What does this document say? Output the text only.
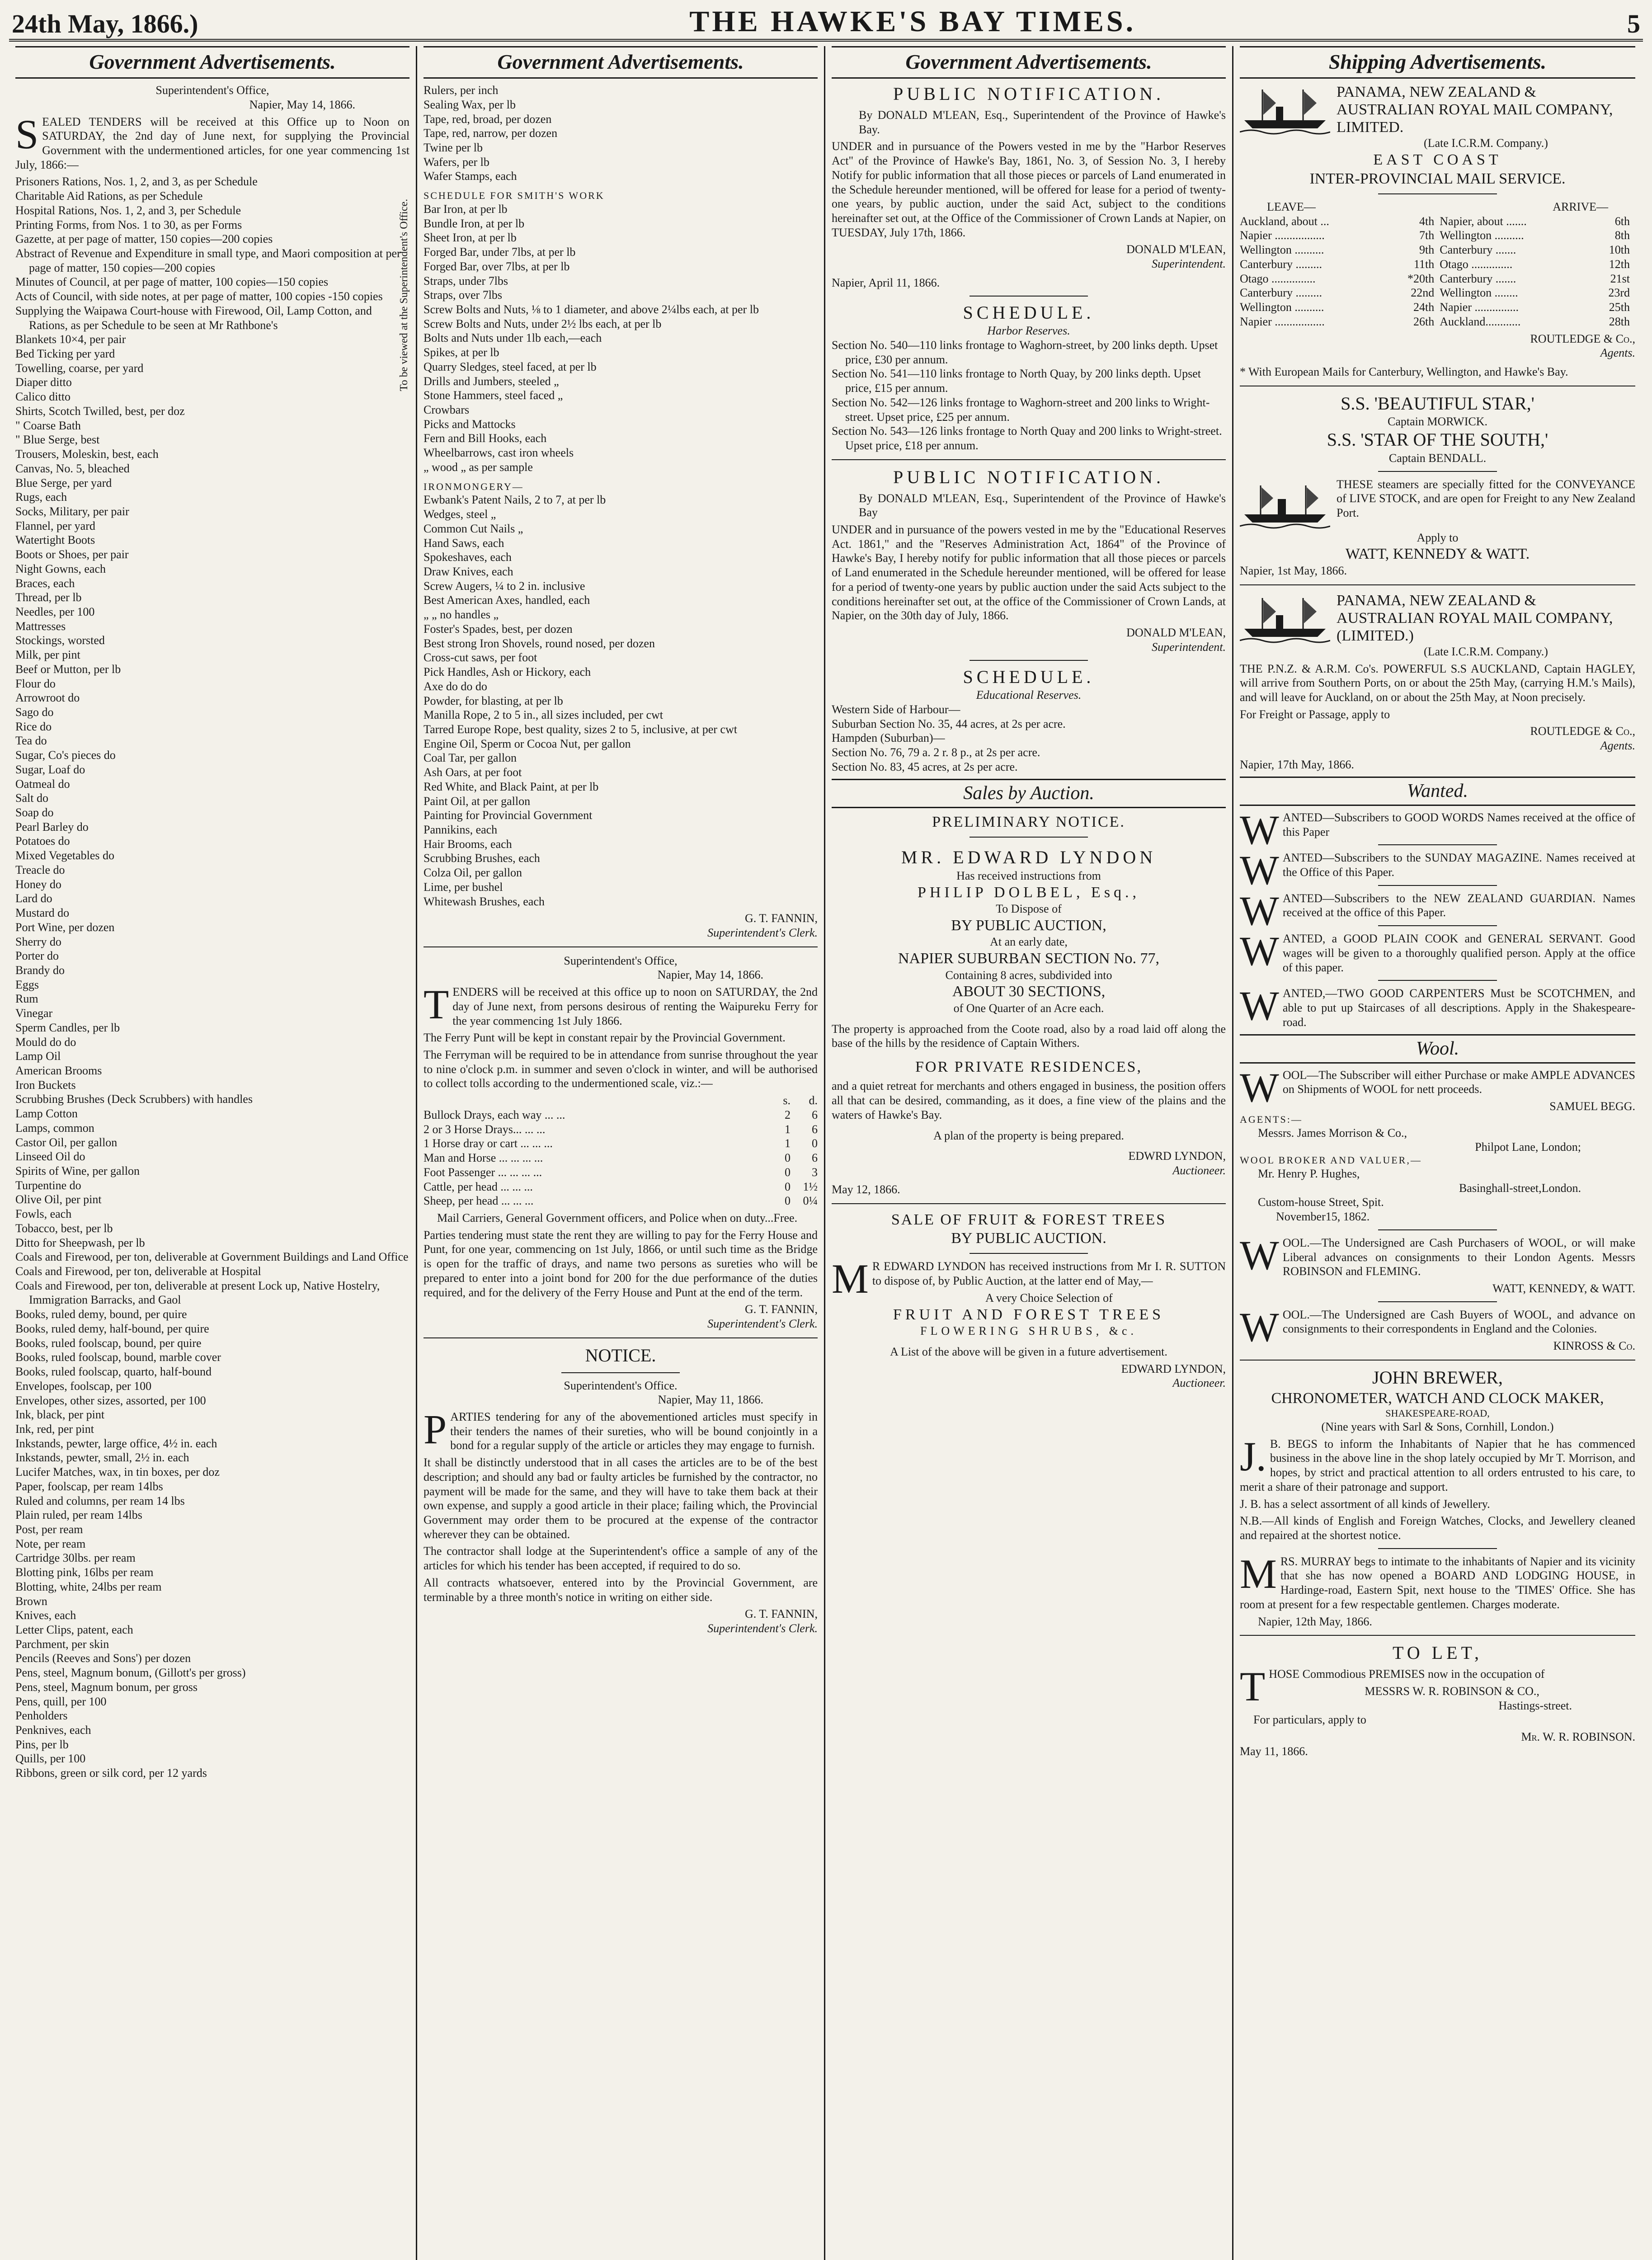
24th May, 1866.)	THE HAWKE'S BAY TIMES.	5
Government Advertisements.
Superintendent's Office,
Napier, May 14, 1866.

SEALED TENDERS will be received at this Office up to Noon on SATURDAY, the 2nd day of June next, for supplying the Provincial Government with the undermentioned articles, for one year commencing 1st July, 1866:—

Prisoners Rations, Nos. 1, 2, and 3, as per Schedule
Charitable Aid Rations, as per Schedule
Hospital Rations, Nos. 1, 2, and 3, per Schedule
Printing Forms, from Nos. 1 to 30, as per Forms
Gazette, at per page of matter, 150 copies—200 copies
Abstract of Revenue and Expenditure in small type, and Maori composition at per page of matter, 150 copies—200 copies
Minutes of Council, at per page of matter, 100 copies—150 copies
Acts of Council, with side notes, at per page of matter, 100 copies -150 copies
Supplying the Waipawa Court-house with Firewood, Oil, Lamp Cotton, and Rations, as per Schedule to be seen at Mr Rathbone's
Blankets 10×4, per pair
Bed Ticking per yard
Towelling, coarse, per yard
Diaper ditto
Calico ditto
Shirts, Scotch Twilled, best, per doz
" Coarse Bath
" Blue Serge, best
Trousers, Moleskin, best, each
Canvas, No. 5, bleached
Blue Serge, per yard
Rugs, each
Socks, Military, per pair
Flannel, per yard
Watertight Boots
Boots or Shoes, per pair
Night Gowns, each
Braces, each
Thread, per lb
Needles, per 100
Mattresses
Stockings, worsted
Milk, per pint
Beef or Mutton, per lb
Flour do
Arrowroot do
Sago do
Rice do
Tea do
Sugar, Co's pieces do
Sugar, Loaf do
Oatmeal do
Salt do
Soap do
Pearl Barley do
Potatoes do
Mixed Vegetables do
Treacle do
Honey do
Lard do
Mustard do
Port Wine, per dozen
Sherry do
Porter do
Brandy do
Eggs
Rum
Vinegar
Sperm Candles, per lb
Mould do do
Lamp Oil
American Brooms
Iron Buckets
Scrubbing Brushes (Deck Scrubbers) with handles
Lamp Cotton
Lamps, common
Castor Oil, per gallon
Linseed Oil do
Spirits of Wine, per gallon
Turpentine do
Olive Oil, per pint
Fowls, each
Tobacco, best, per lb
Ditto for Sheepwash, per lb
Coals and Firewood, per ton, deliverable at Government Buildings and Land Office
Coals and Firewood, per ton, deliverable at Hospital
Coals and Firewood, per ton, deliverable at present Lock up, Native Hostelry, Immigration Barracks, and Gaol
Books, ruled demy, bound, per quire
Books, ruled demy, half-bound, per quire
Books, ruled foolscap, bound, per quire
Books, ruled foolscap, bound, marble cover
Books, ruled foolscap, quarto, half-bound
Envelopes, foolscap, per 100
Envelopes, other sizes, assorted, per 100
Ink, black, per pint
Ink, red, per pint
Inkstands, pewter, large office, 4½ in. each
Inkstands, pewter, small, 2½ in. each
Lucifer Matches, wax, in tin boxes, per doz
Paper, foolscap, per ream 14lbs
Ruled and columns, per ream 14 lbs
Plain ruled, per ream 14lbs
Post, per ream
Note, per ream
Cartridge 30lbs. per ream
Blotting pink, 16lbs per ream
Blotting, white, 24lbs per ream
Brown
Knives, each
Letter Clips, patent, each
Parchment, per skin
Pencils (Reeves and Sons') per dozen
Pens, steel, Magnum bonum, (Gillott's per gross)
Pens, steel, Magnum bonum, per gross
Pens, quill, per 100
Penholders
Penknives, each
Pins, per lb
Quills, per 100
Ribbons, green or silk cord, per 12 yards
To be viewed at the Superintendent's Office.
Government Advertisements.
Rulers, per inch
Sealing Wax, per lb
Tape, red, broad, per dozen
Tape, red, narrow, per dozen
Twine per lb
Wafers, per lb
Wafer Stamps, each
SCHEDULE FOR SMITH'S WORK
Bar Iron, at per lb
Bundle Iron, at per lb
Sheet Iron, at per lb
Forged Bar, under 7lbs, at per lb
Forged Bar, over 7lbs, at per lb
Straps, under 7lbs
Straps, over 7lbs
Screw Bolts and Nuts, ⅛ to 1 diameter, and above 2¼lbs each, at per lb
Screw Bolts and Nuts, under 2½ lbs each, at per lb
Bolts and Nuts under 1lb each,—each
Spikes, at per lb
Quarry Sledges, steel faced, at per lb
Drills and Jumbers, steeled „
Stone Hammers, steel faced „
Crowbars
Picks and Mattocks
Fern and Bill Hooks, each
Wheelbarrows, cast iron wheels
„ wood „ as per sample
IRONMONGERY—
Ewbank's Patent Nails, 2 to 7, at per lb
Wedges, steel „
Common Cut Nails „
Hand Saws, each
Spokeshaves, each
Draw Knives, each
Screw Augers, ¼ to 2 in. inclusive
Best American Axes, handled, each
„ „ no handles „
Foster's Spades, best, per dozen
Best strong Iron Shovels, round nosed, per dozen
Cross-cut saws, per foot
Pick Handles, Ash or Hickory, each
Axe do do do
Powder, for blasting, at per lb
Manilla Rope, 2 to 5 in., all sizes included, per cwt
Tarred Europe Rope, best quality, sizes 2 to 5, inclusive, at per cwt
Engine Oil, Sperm or Cocoa Nut, per gallon
Coal Tar, per gallon
Ash Oars, at per foot
Red White, and Black Paint, at per lb
Paint Oil, at per gallon
Painting for Provincial Government
Pannikins, each
Hair Brooms, each
Scrubbing Brushes, each
Colza Oil, per gallon
Lime, per bushel
Whitewash Brushes, each
G. T. FANNIN,
Superintendent's Clerk.
Superintendent's Office,
Napier, May 14, 1866.

TENDERS will be received at this office up to noon on SATURDAY, the 2nd day of June next, from persons desirous of renting the Waipureku Ferry for the year commencing 1st July 1866.

The Ferry Punt will be kept in constant repair by the Provincial Government.

The Ferryman will be required to be in attendance from sunrise throughout the year to nine o'clock p.m. in summer and seven o'clock in winter, and will be authorised to collect tolls according to the undermentioned scale, viz.:—

	s.	d.
Bullock Drays, each way ... ...	2	6
2 or 3 Horse Drays... ... ...	1	6
1 Horse dray or cart ... ... ...	1	0
Man and Horse ... ... ... ...	0	6
Foot Passenger ... ... ... ...	0	3
Cattle, per head ... ... ...	0	1½
Sheep, per head ... ... ...	0	0¼

Mail Carriers, General Government officers, and Police when on duty...Free.

Parties tendering must state the rent they are willing to pay for the Ferry House and Punt, for one year, commencing on 1st July, 1866, or until such time as the Bridge is open for the traffic of drays, and name two persons as sureties who will be prepared to enter into a joint bond for 200 for the due performance of the duties required, and for the delivery of the Ferry House and Punt at the end of the term.

G. T. FANNIN,
Superintendent's Clerk.
NOTICE.
Superintendent's Office.
Napier, May 11, 1866.

PARTIES tendering for any of the abovementioned articles must specify in their tenders the names of their sureties, who will be bound conjointly in a bond for a regular supply of the article or articles they may engage to furnish.

It shall be distinctly understood that in all cases the articles are to be of the best description; and should any bad or faulty articles be furnished by the contractor, no payment will be made for the same, and they will have to take them back at their own expense, and supply a good article in their place; failing which, the Provincial Government may order them to be procured at the expense of the contractor wherever they can be obtained.

The contractor shall lodge at the Superintendent's office a sample of any of the articles for which his tender has been accepted, if required to do so.

All contracts whatsoever, entered into by the Provincial Government, are terminable by a three month's notice in writing on either side.

G. T. FANNIN,
Superintendent's Clerk.
Government Advertisements.
PUBLIC NOTIFICATION.

By DONALD M'LEAN, Esq., Superintendent of the Province of Hawke's Bay.

UNDER and in pursuance of the Powers vested in me by the "Harbor Reserves Act" of the Province of Hawke's Bay, 1861, No. 3, of Session No. 3, I hereby Notify for public information that all those pieces or parcels of Land enumerated in the Schedule hereunder mentioned, will be offered for lease for a period of twenty-one years, by public auction, under the said Act, subject to the conditions hereinafter set out, at the Office of the Commissioner of Crown Lands at Napier, on TUESDAY, July 17th, 1866.

DONALD M'LEAN,
Superintendent.
Napier, April 11, 1866.
SCHEDULE.
Harbor Reserves.
Section No. 540—110 links frontage to Waghorn-street, by 200 links depth. Upset price, £30 per annum.
Section No. 541—110 links frontage to North Quay, by 200 links depth. Upset price, £15 per annum.
Section No. 542—126 links frontage to Waghorn-street and 200 links to Wright-street. Upset price, £25 per annum.
Section No. 543—126 links frontage to North Quay and 200 links to Wright-street. Upset price, £18 per annum.
PUBLIC NOTIFICATION.

By DONALD M'LEAN, Esq., Superintendent of the Province of Hawke's Bay

UNDER and in pursuance of the powers vested in me by the "Educational Reserves Act. 1861," and the "Reserves Administration Act, 1864" of the Province of Hawke's Bay, I hereby notify for public information that all those pieces or parcels of Land enumerated in the Schedule hereunder mentioned, will be offered for lease for a period of twenty-one years by public auction under the said Acts subject to the conditions hereinafter set out, at the office of the Commissioner of Crown Lands, at Napier, on the 30th day of July, 1866.

DONALD M'LEAN,
Superintendent.
SCHEDULE.
Educational Reserves.
Western Side of Harbour—
Suburban Section No. 35, 44 acres, at 2s per acre.
Hampden (Suburban)—
Section No. 76, 79 a. 2 r. 8 p., at 2s per acre.
Section No. 83, 45 acres, at 2s per acre.
Sales by Auction.
PRELIMINARY NOTICE.
MR. EDWARD LYNDON
Has received instructions from
PHILIP DOLBEL, Esq.,
To Dispose of
BY PUBLIC AUCTION,
At an early date,
NAPIER SUBURBAN SECTION No. 77,
Containing 8 acres, subdivided into
ABOUT 30 SECTIONS,
of One Quarter of an Acre each.

The property is approached from the Coote road, also by a road laid off along the base of the hills by the residence of Captain Withers.

FOR PRIVATE RESIDENCES,

and a quiet retreat for merchants and others engaged in business, the position offers all that can be desired, commanding, as it does, a fine view of the plains and the waters of Hawke's Bay.

A plan of the property is being prepared.
EDWRD LYNDON,
Auctioneer.
May 12, 1866.
SALE OF FRUIT & FOREST TREES
BY PUBLIC AUCTION.

MR EDWARD LYNDON has received instructions from Mr I. R. SUTTON to dispose of, by Public Auction, at the latter end of May,—

A very Choice Selection of
FRUIT AND FOREST TREES
FLOWERING SHRUBS, &c.

A List of the above will be given in a future advertisement.

EDWARD LYNDON,
Auctioneer.
Shipping Advertisements.
PANAMA, NEW ZEALAND & AUSTRALIAN ROYAL MAIL COMPANY, LIMITED.
(Late I.C.R.M. Company.)
EAST COAST
INTER-PROVINCIAL MAIL SERVICE.
LEAVE—	ARRIVE—
Auckland, about ...	4th	Napier, about .......	6th
Napier .................	7th	Wellington ..........	8th
Wellington ..........	9th	Canterbury .......	10th
Canterbury .........	11th	Otago ..............	12th
Otago ...............	*20th	Canterbury .......	21st
Canterbury .........	22nd	Wellington ........	23rd
Wellington ..........	24th	Napier ...............	25th
Napier .................	26th	Auckland............	28th
ROUTLEDGE & Co.,
Agents.

* With European Mails for Canterbury, Wellington, and Hawke's Bay.

S.S. 'BEAUTIFUL STAR,'
Captain MORWICK.
S.S. 'STAR OF THE SOUTH,'
Captain BENDALL.

THESE steamers are specially fitted for the CONVEYANCE of LIVE STOCK, and are open for Freight to any New Zealand Port.

Apply to
WATT, KENNEDY & WATT.
Napier, 1st May, 1866.
PANAMA, NEW ZEALAND & AUSTRALIAN ROYAL MAIL COMPANY, (LIMITED.)
(Late I.C.R.M. Company.)

THE P.N.Z. & A.R.M. Co's. POWERFUL S.S AUCKLAND, Captain HAGLEY, will arrive from Southern Ports, on or about the 25th May, (carrying H.M.'s Mails), and will leave for Auckland, on or about the 25th May, at Noon precisely.

For Freight or Passage, apply to
ROUTLEDGE & Co.,
Agents.
Napier, 17th May, 1866.
Wanted.

WANTED—Subscribers to GOOD WORDS Names received at the office of this Paper

WANTED—Subscribers to the SUNDAY MAGAZINE. Names received at the Office of this Paper.

WANTED—Subscribers to the NEW ZEALAND GUARDIAN. Names received at the office of this Paper.

WANTED, a GOOD PLAIN COOK and GENERAL SERVANT. Good wages will be given to a thoroughly qualified person. Apply at the office of this paper.

WANTED,—TWO GOOD CARPENTERS Must be SCOTCHMEN, and able to put up Staircases of all descriptions. Apply in the Shakespeare-road.

Wool.

WOOL—The Subscriber will either Purchase or make AMPLE ADVANCES on Shipments of WOOL for nett proceeds.

SAMUEL BEGG.
AGENTS:—
Messrs. James Morrison & Co.,
Philpot Lane, London;
WOOL BROKER AND VALUER,—
Mr. Henry P. Hughes,
Basinghall-street,London.
Custom-house Street, Spit.
November15, 1862.

WOOL.—The Undersigned are Cash Purchasers of WOOL, or will make Liberal advances on consignments to their London Agents. Messrs ROBINSON and FLEMING.

WATT, KENNEDY, & WATT.

WOOL.—The Undersigned are Cash Buyers of WOOL, and advance on consignments to their correspondents in England and the Colonies.

KINROSS & Co.
JOHN BREWER,
CHRONOMETER, WATCH AND CLOCK MAKER,
SHAKESPEARE-ROAD,
(Nine years with Sarl & Sons, Cornhill, London.)

J.B. BEGS to inform the Inhabitants of Napier that he has commenced business in the above line in the shop lately occupied by Mr T. Morrison, and hopes, by strict and practical attention to all orders entrusted to his care, to merit a share of their patronage and support.

J. B. has a select assortment of all kinds of Jewellery.

N.B.—All kinds of English and Foreign Watches, Clocks, and Jewellery cleaned and repaired at the shortest notice.

MRS. MURRAY begs to intimate to the inhabitants of Napier and its vicinity that she has now opened a BOARD AND LODGING HOUSE, in Hardinge-road, Eastern Spit, next house to the 'TIMES' Office. She has room at present for a few respectable gentlemen. Charges moderate.

Napier, 12th May, 1866.
TO LET,

THOSE Commodious PREMISES now in the occupation of

MESSRS W. R. ROBINSON & CO.,
Hastings-street.
For particulars, apply to
Mr. W. R. ROBINSON.
May 11, 1866.
